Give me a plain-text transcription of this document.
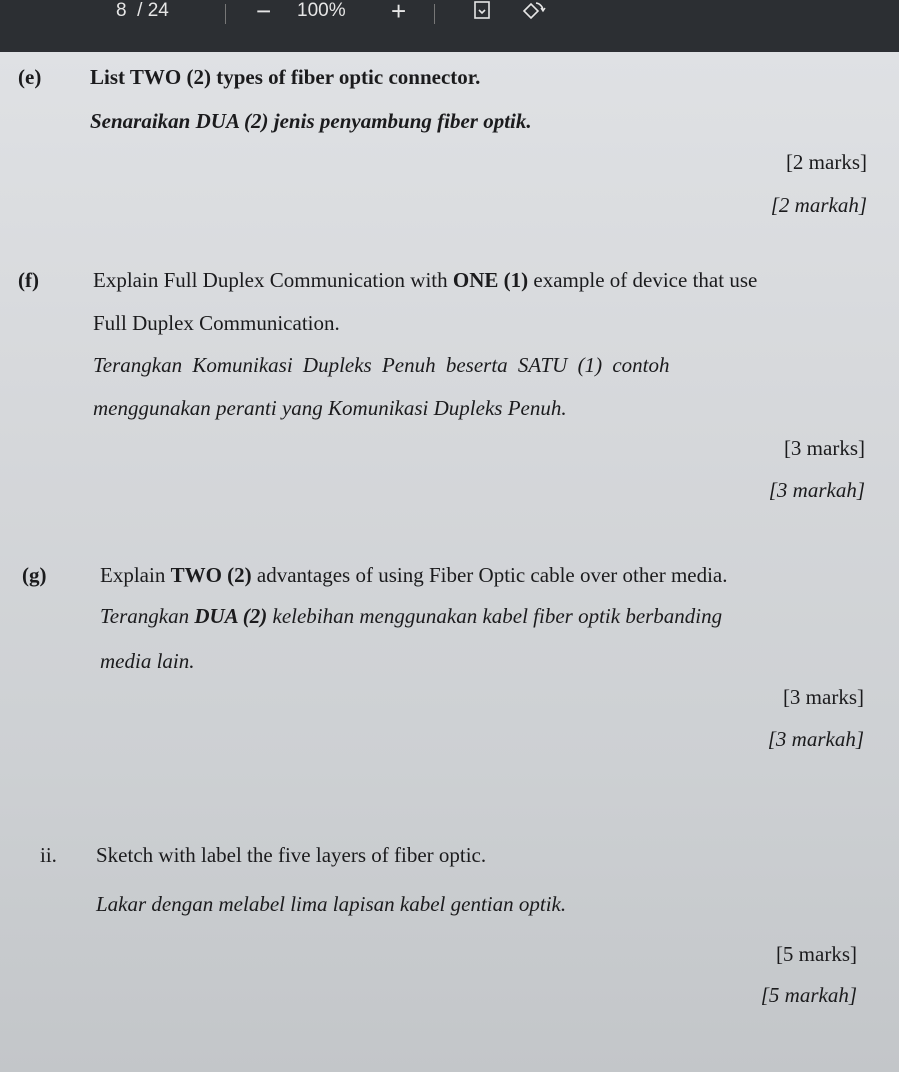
8 / 24	− 100% +
(e) List TWO (2) types of fiber optic connector.
Senaraikan DUA (2) jenis penyambung fiber optik.
[2 marks]
[2 markah]
(f)	Explain Full Duplex Communication with ONE (1) example of device that use
Full Duplex Communication.
Terangkan Komunikasi Dupleks Penuh beserta SATU (1) contoh
menggunakan peranti yang Komunikasi Dupleks Penuh.
[3 marks]
[3 markah]
(g)	Explain TWO (2) advantages of using Fiber Optic cable over other media.
Terangkan DUA (2) kelebihan menggunakan kabel fiber optik berbanding
media lain.
[3 marks]
[3 markah]
ii. Sketch with label the five layers of fiber optic.
Lakar dengan melabel lima lapisan kabel gentian optik.
[5 marks]
[5 markah]
